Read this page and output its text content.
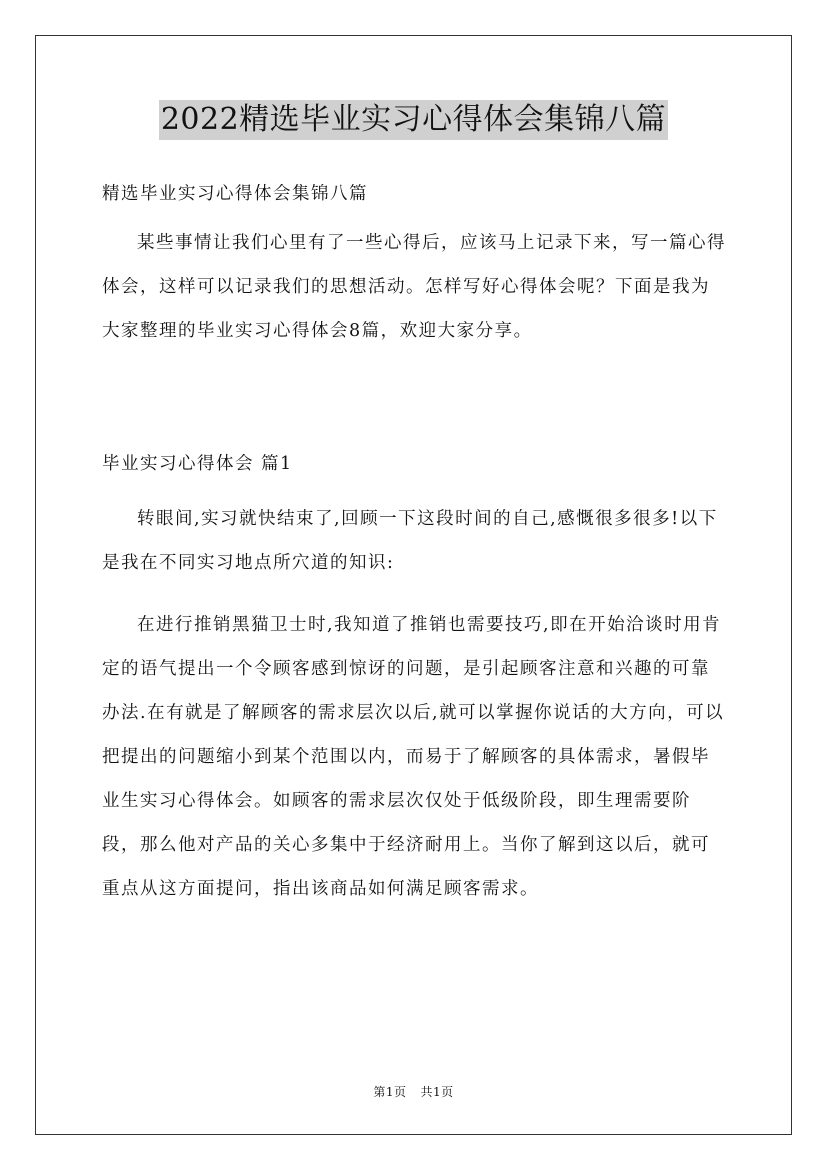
2022精选毕业实习心得体会集锦八篇
精选毕业实习心得体会集锦八篇
某些事情让我们心里有了一些心得后，应该马上记录下来，写一篇心得体会，这样可以记录我们的思想活动。怎样写好心得体会呢？下面是我为大家整理的毕业实习心得体会8篇，欢迎大家分享。
毕业实习心得体会 篇1
转眼间,实习就快结束了,回顾一下这段时间的自己,感慨很多很多!以下是我在不同实习地点所穴道的知识:
在进行推销黑猫卫士时,我知道了推销也需要技巧,即在开始洽谈时用肯定的语气提出一个令顾客感到惊讶的问题，是引起顾客注意和兴趣的可靠办法.在有就是了解顾客的需求层次以后,就可以掌握你说话的大方向，可以把提出的问题缩小到某个范围以内，而易于了解顾客的具体需求，暑假毕业生实习心得体会。如顾客的需求层次仅处于低级阶段，即生理需要阶段，那么他对产品的关心多集中于经济耐用上。当你了解到这以后，就可重点从这方面提问，指出该商品如何满足顾客需求。
第1页 共1页
